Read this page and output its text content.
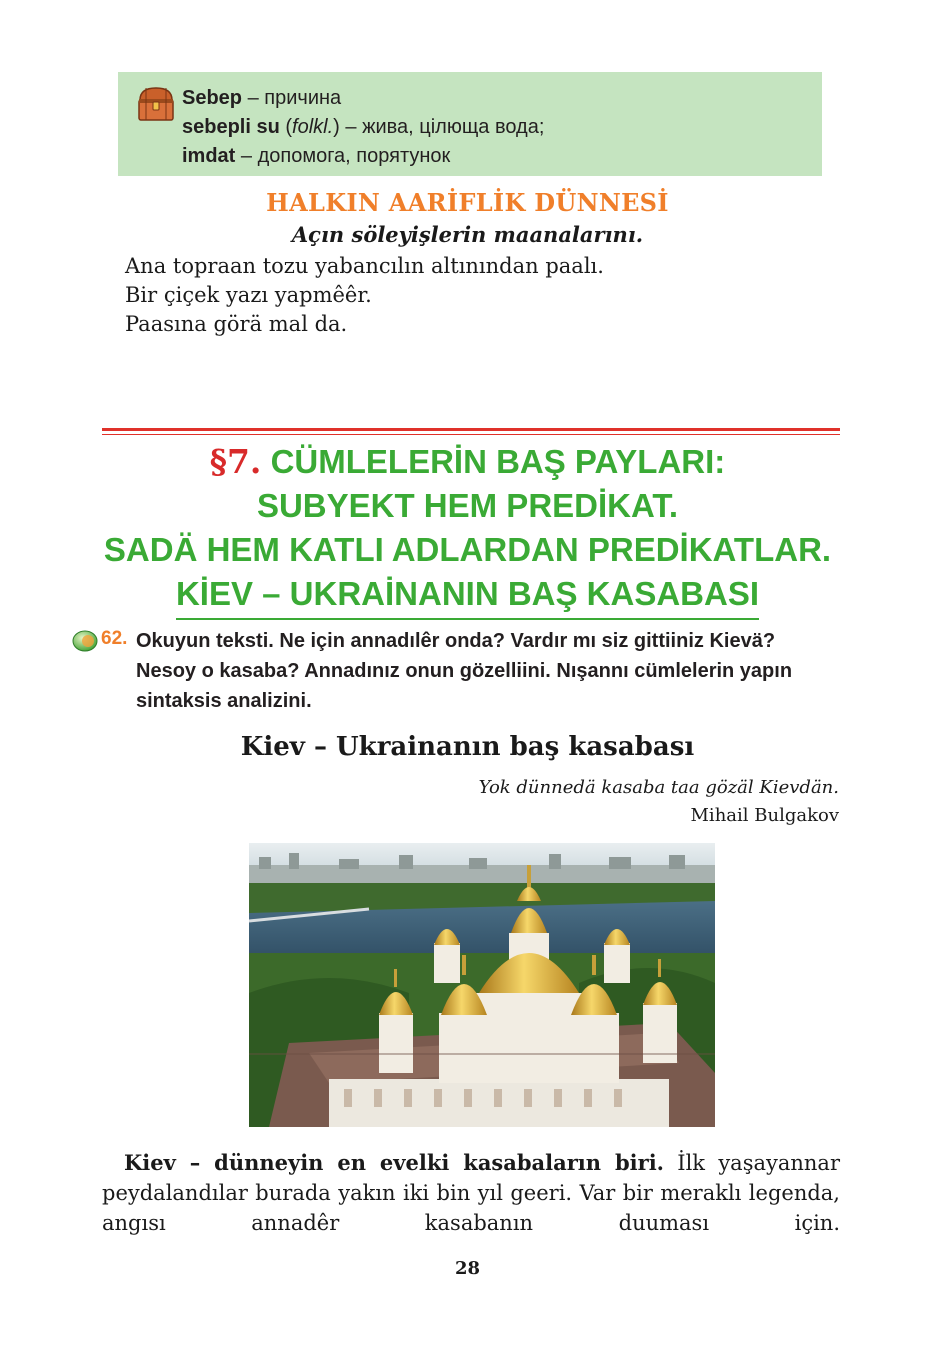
Sebep – причина
sebepli su (folkl.) – жива, цілюща вода;
imdat – допомога, порятунок
HALKIN AARİFLİK DÜNNESİ
Açın söleyişlerin maanalarını.
Ana topraan tozu yabancılın altınından paalı.
Bir çiçek yazı yapmêêr.
Paasına görä mal da.
§7. CÜMLELERİN BAŞ PAYLARI:
SUBYEKT HEM PREDİKAT.
SADÄ HEM KATLI ADLARDAN PREDİKATLAR.
KİEV – UKRAİNANIN BAŞ KASABASI
62. Okuyun teksti. Ne için annadılêr onda? Vardır mı siz gittiiniz Kievä? Nesoy o kasaba? Annadınız onun gözelliini. Nışannı cümlelerin yapın sintaksis analizini.
Kiev – Ukrainanın baş kasabası
Yok dünnedä kasaba taa gözäl Kievdän.
Mihail Bulgakov

Kiev – dünneyin en evelki kasabaların biri. İlk yaşayannar peydalandılar burada yakın iki bin yıl geeri. Var bir meraklı legenda, angısı annadêr kasabanın duuması için.

28
